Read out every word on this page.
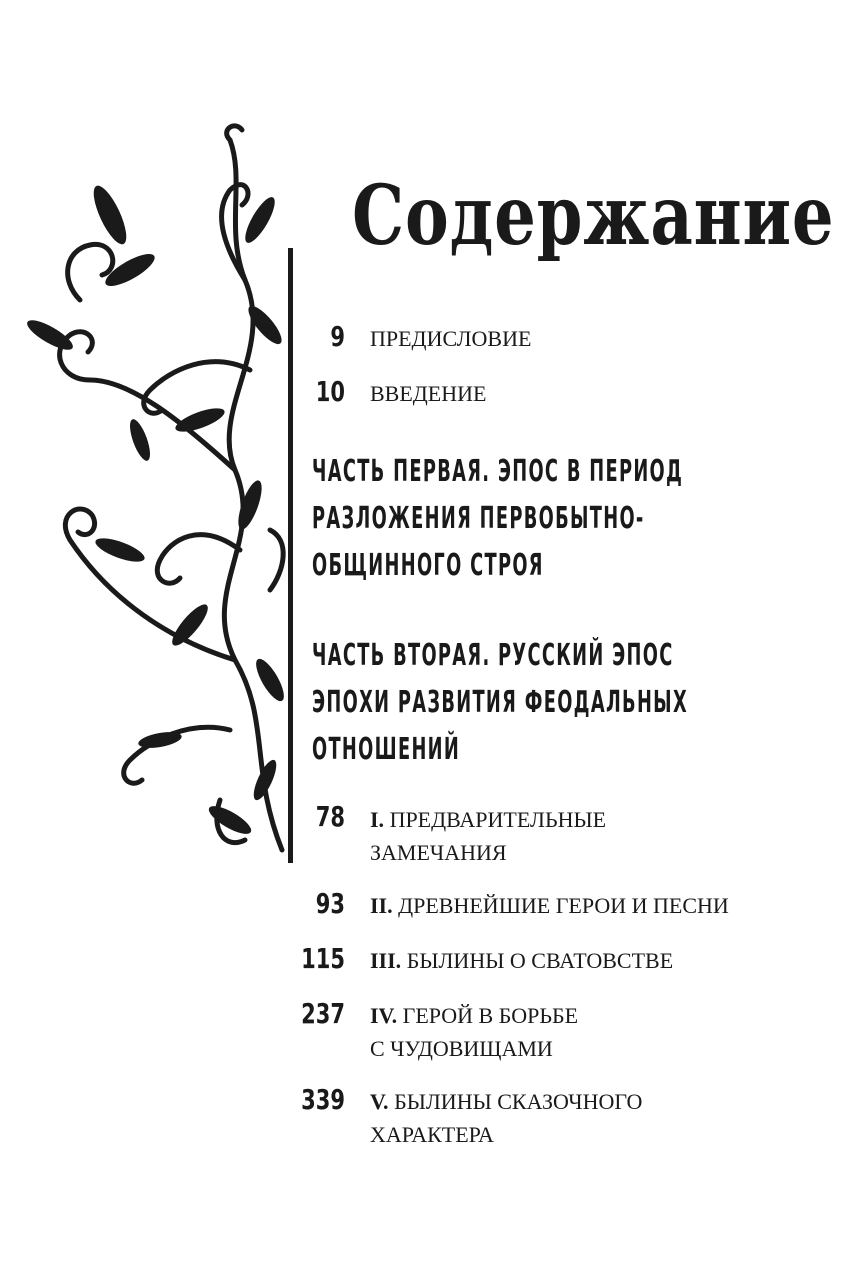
Содержание
9 ПРЕДИСЛОВИЕ
10 ВВЕДЕНИЕ
ЧАСТЬ ПЕРВАЯ. ЭПОС В ПЕРИОД
РАЗЛОЖЕНИЯ ПЕРВОБЫТНО-
ОБЩИННОГО СТРОЯ
ЧАСТЬ ВТОРАЯ. РУССКИЙ ЭПОС
ЭПОХИ РАЗВИТИЯ ФЕОДАЛЬНЫХ
ОТНОШЕНИЙ
78 I. ПРЕДВАРИТЕЛЬНЫЕ
ЗАМЕЧАНИЯ
93 II. ДРЕВНЕЙШИЕ ГЕРОИ И ПЕСНИ
115 III. БЫЛИНЫ О СВАТОВСТВЕ
237 IV. ГЕРОЙ В БОРЬБЕ
С ЧУДОВИЩАМИ
339 V. БЫЛИНЫ СКАЗОЧНОГО
ХАРАКТЕРА
